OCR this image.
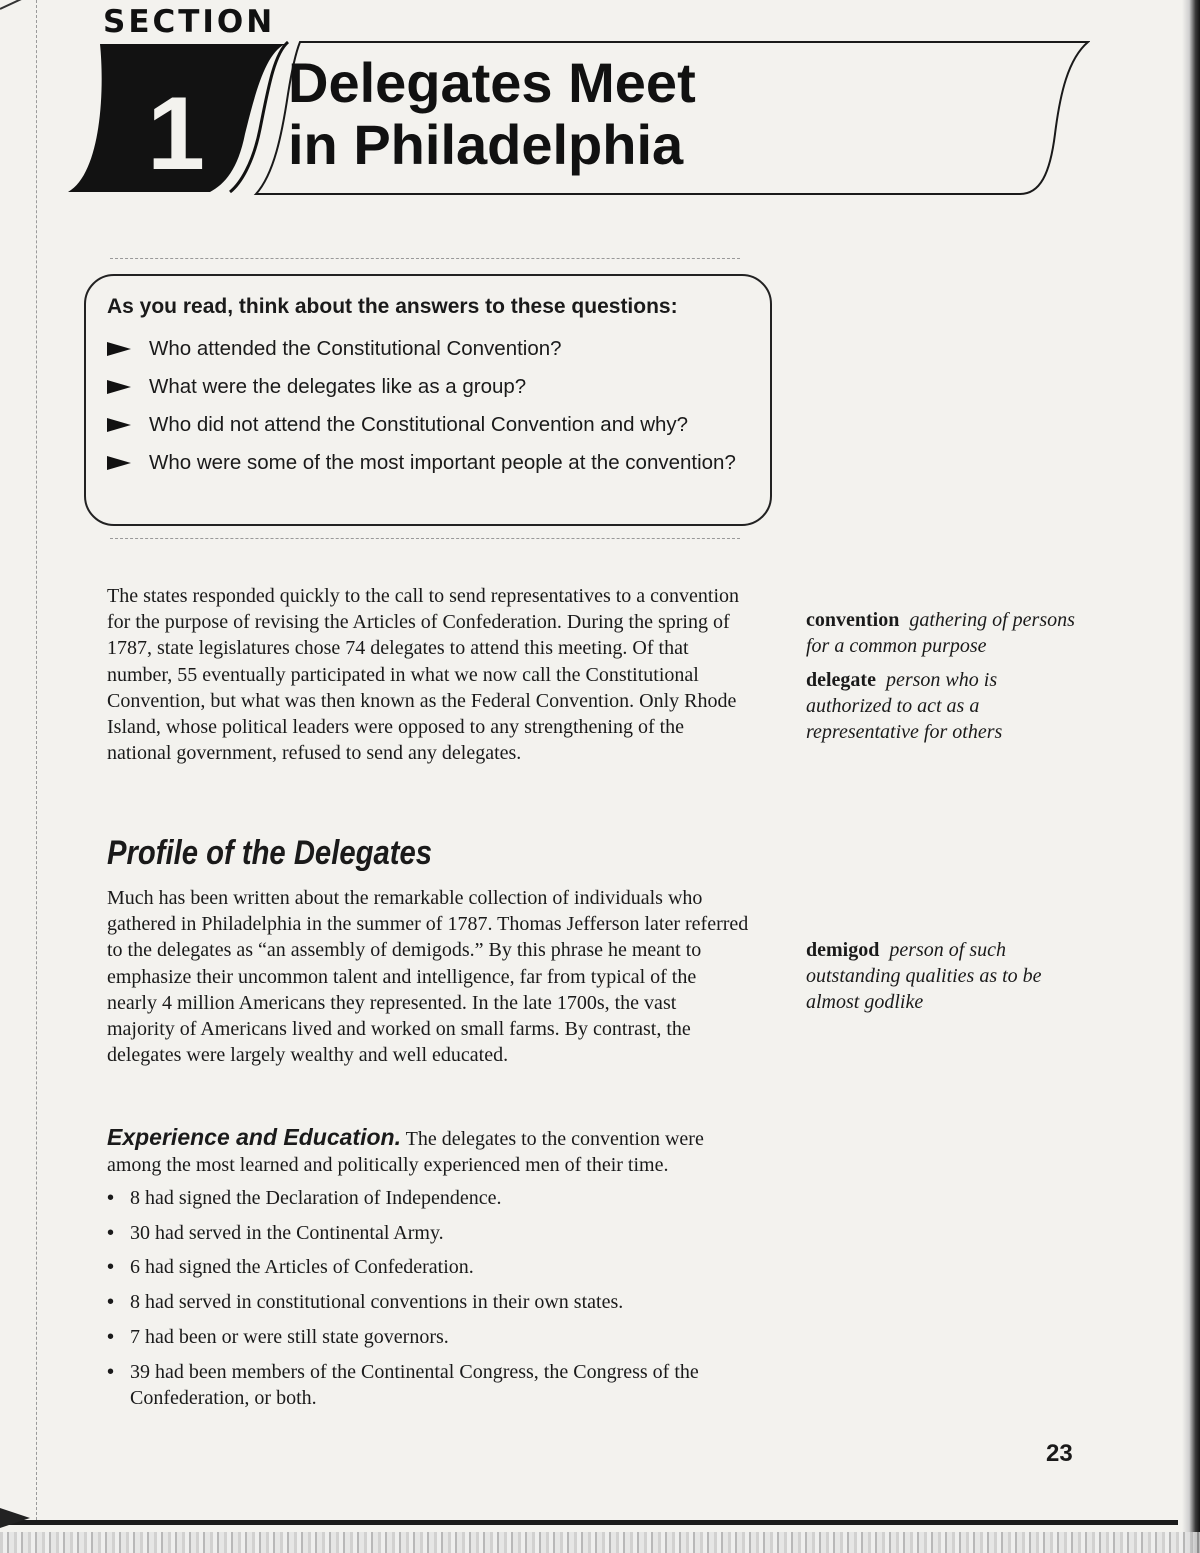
SECTION
1 Delegates Meet
in Philadelphia
As you read, think about the answers to these questions:
Who attended the Constitutional Convention?
What were the delegates like as a group?
Who did not attend the Constitutional Convention and why?
Who were some of the most important people at the convention?

The states responded quickly to the call to send representatives to a convention for the purpose of revising the Articles of Confederation. During the spring of 1787, state legislatures chose 74 delegates to attend this meeting. Of that number, 55 eventually participated in what we now call the Constitutional Convention, but what was then known as the Federal Convention. Only Rhode Island, whose political leaders were opposed to any strengthening of the national government, refused to send any delegates.

Profile of the Delegates

Much has been written about the remarkable collection of individuals who gathered in Philadelphia in the summer of 1787. Thomas Jefferson later referred to the delegates as “an assembly of demigods.” By this phrase he meant to emphasize their uncommon talent and intelligence, far from typical of the nearly 4 million Americans they represented. In the late 1700s, the vast majority of Americans lived and worked on small farms. By contrast, the delegates were largely wealthy and well educated.

Experience and Education. The delegates to the convention were among the most learned and politically experienced men of their time.

• 8 had signed the Declaration of Independence.
• 30 had served in the Continental Army.
• 6 had signed the Articles of Confederation.
• 8 had served in constitutional conventions in their own states.
• 7 had been or were still state governors.
• 39 had been members of the Continental Congress, the Congress of the Confederation, or both.
convention gathering of persons for a common purpose
delegate person who is authorized to act as a representative for others
demigod person of such outstanding qualities as to be almost godlike
23
